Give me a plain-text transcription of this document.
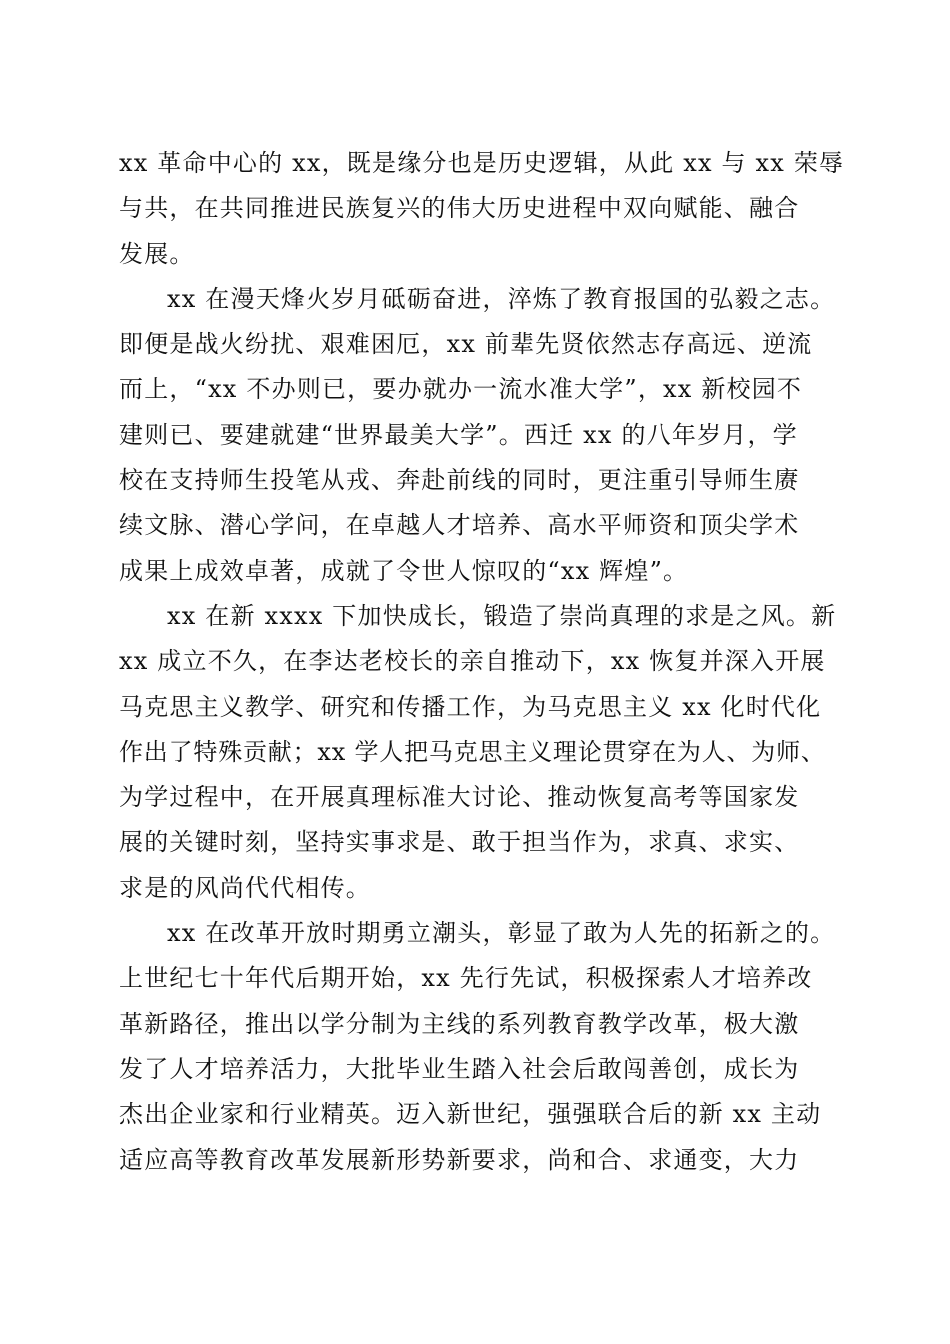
xx 革命中心的 xx，既是缘分也是历史逻辑，从此 xx 与 xx 荣辱
与共，在共同推进民族复兴的伟大历史进程中双向赋能、融合
发展。
xx 在漫天烽火岁月砥砺奋进，淬炼了教育报国的弘毅之志。
即便是战火纷扰、艰难困厄，xx 前辈先贤依然志存高远、逆流
而上，“xx 不办则已，要办就办一流水准大学”，xx 新校园不
建则已、要建就建“世界最美大学”。西迁 xx 的八年岁月，学
校在支持师生投笔从戎、奔赴前线的同时，更注重引导师生赓
续文脉、潜心学问，在卓越人才培养、高水平师资和顶尖学术
成果上成效卓著，成就了令世人惊叹的“xx 辉煌”。
xx 在新 xxxx 下加快成长，锻造了崇尚真理的求是之风。新
xx 成立不久，在李达老校长的亲自推动下，xx 恢复并深入开展
马克思主义教学、研究和传播工作，为马克思主义 xx 化时代化
作出了特殊贡献；xx 学人把马克思主义理论贯穿在为人、为师、
为学过程中，在开展真理标准大讨论、推动恢复高考等国家发
展的关键时刻，坚持实事求是、敢于担当作为，求真、求实、
求是的风尚代代相传。
xx 在改革开放时期勇立潮头，彰显了敢为人先的拓新之的。
上世纪七十年代后期开始，xx 先行先试，积极探索人才培养改
革新路径，推出以学分制为主线的系列教育教学改革，极大激
发了人才培养活力，大批毕业生踏入社会后敢闯善创，成长为
杰出企业家和行业精英。迈入新世纪，强强联合后的新 xx 主动
适应高等教育改革发展新形势新要求，尚和合、求通变，大力
